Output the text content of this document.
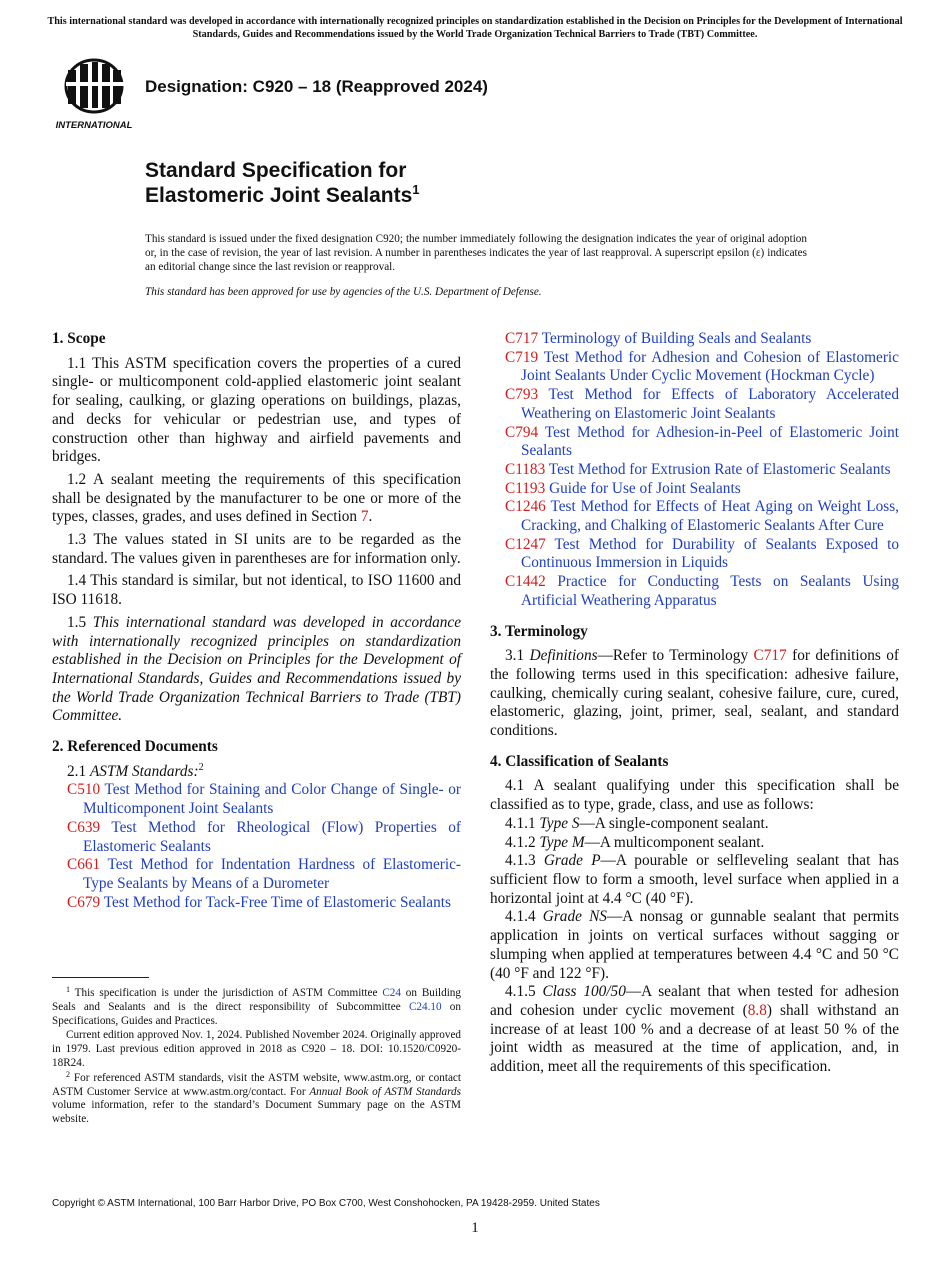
This international standard was developed in accordance with internationally recognized principles on standardization established in the Decision on Principles for the Development of International Standards, Guides and Recommendations issued by the World Trade Organization Technical Barriers to Trade (TBT) Committee.
INTERNATIONAL
Designation: C920 – 18 (Reapproved 2024)
Standard Specification for
Elastomeric Joint Sealants$^1$
This standard is issued under the fixed designation C920; the number immediately following the designation indicates the year of original adoption or, in the case of revision, the year of last revision. A number in parentheses indicates the year of last reapproval. A superscript epsilon (ε) indicates an editorial change since the last revision or reapproval.
This standard has been approved for use by agencies of the U.S. Department of Defense.
1. Scope

1.1 This ASTM specification covers the properties of a cured single- or multicomponent cold-applied elastomeric joint sealant for sealing, caulking, or glazing operations on buildings, plazas, and decks for vehicular or pedestrian use, and types of construction other than highway and airfield pavements and bridges.

1.2 A sealant meeting the requirements of this specification shall be designated by the manufacturer to be one or more of the types, classes, grades, and uses defined in Section 7.

1.3 The values stated in SI units are to be regarded as the standard. The values given in parentheses are for information only.

1.4 This standard is similar, but not identical, to ISO 11600 and ISO 11618.

1.5 This international standard was developed in accordance with internationally recognized principles on standardization established in the Decision on Principles for the Development of International Standards, Guides and Recommendations issued by the World Trade Organization Technical Barriers to Trade (TBT) Committee.

2. Referenced Documents

2.1 ASTM Standards:$^2$

C510 Test Method for Staining and Color Change of Single- or Multicomponent Joint Sealants

C639 Test Method for Rheological (Flow) Properties of Elastomeric Sealants

C661 Test Method for Indentation Hardness of Elastomeric-Type Sealants by Means of a Durometer

C679 Test Method for Tack-Free Time of Elastomeric Sealants

C717 Terminology of Building Seals and Sealants

C719 Test Method for Adhesion and Cohesion of Elastomeric Joint Sealants Under Cyclic Movement (Hockman Cycle)

C793 Test Method for Effects of Laboratory Accelerated Weathering on Elastomeric Joint Sealants

C794 Test Method for Adhesion-in-Peel of Elastomeric Joint Sealants

C1183 Test Method for Extrusion Rate of Elastomeric Sealants

C1193 Guide for Use of Joint Sealants

C1246 Test Method for Effects of Heat Aging on Weight Loss, Cracking, and Chalking of Elastomeric Sealants After Cure

C1247 Test Method for Durability of Sealants Exposed to Continuous Immersion in Liquids

C1442 Practice for Conducting Tests on Sealants Using Artificial Weathering Apparatus

3. Terminology

3.1 Definitions—Refer to Terminology C717 for definitions of the following terms used in this specification: adhesive failure, caulking, chemically curing sealant, cohesive failure, cure, cured, elastomeric, glazing, joint, primer, seal, sealant, and standard conditions.

4. Classification of Sealants

4.1 A sealant qualifying under this specification shall be classified as to type, grade, class, and use as follows:

4.1.1 Type S—A single-component sealant.

4.1.2 Type M—A multicomponent sealant.

4.1.3 Grade P—A pourable or selfleveling sealant that has sufficient flow to form a smooth, level surface when applied in a horizontal joint at 4.4 °C (40 °F).

4.1.4 Grade NS—A nonsag or gunnable sealant that permits application in joints on vertical surfaces without sagging or slumping when applied at temperatures between 4.4 °C and 50 °C (40 °F and 122 °F).

4.1.5 Class 100/50—A sealant that when tested for adhesion and cohesion under cyclic movement (8.8) shall withstand an increase of at least 100 % and a decrease of at least 50 % of the joint width as measured at the time of application, and, in addition, meet all the requirements of this specification.

$^1$ This specification is under the jurisdiction of ASTM Committee C24 on Building Seals and Sealants and is the direct responsibility of Subcommittee C24.10 on Specifications, Guides and Practices.

Current edition approved Nov. 1, 2024. Published November 2024. Originally approved in 1979. Last previous edition approved in 2018 as C920 – 18. DOI: 10.1520/C0920-18R24.

$^2$ For referenced ASTM standards, visit the ASTM website, www.astm.org, or contact ASTM Customer Service at www.astm.org/contact. For Annual Book of ASTM Standards volume information, refer to the standard’s Document Summary page on the ASTM website.

Copyright © ASTM International, 100 Barr Harbor Drive, PO Box C700, West Conshohocken, PA 19428-2959. United States
1
